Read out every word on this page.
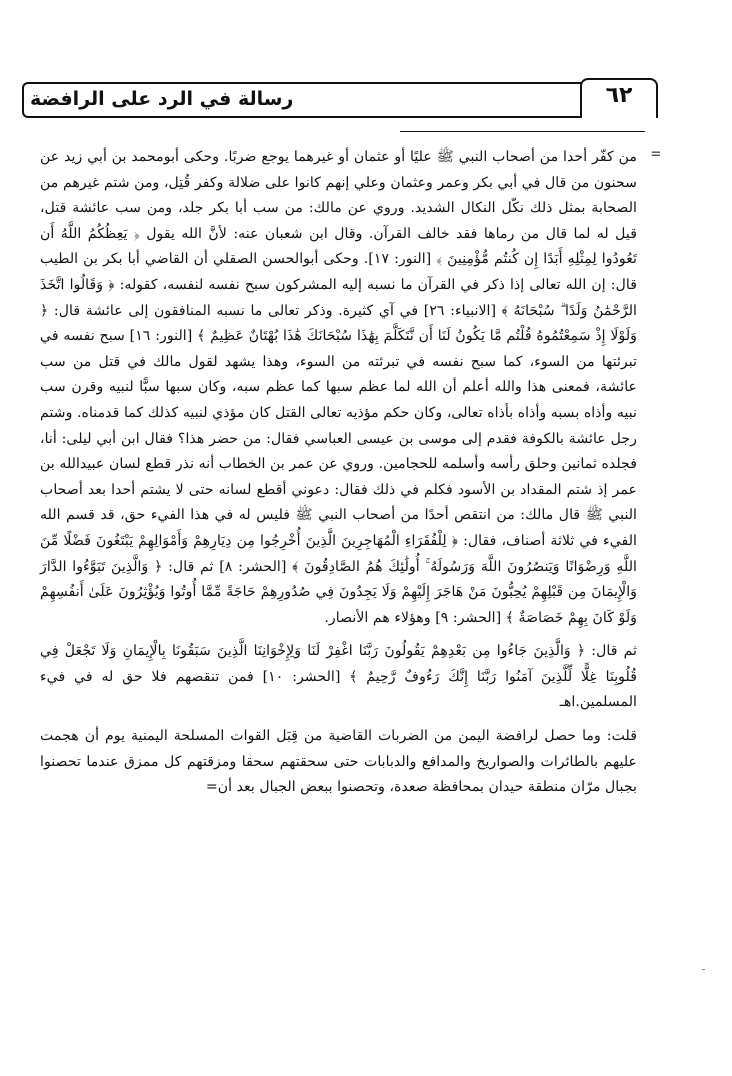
٦٢
رسالة في الرد على الرافضة
=
-

من كفّر أحدا من أصحاب النبي ﷺ عليًا أو عثمان أو غيرهما يوجع ضربًا. وحكى أبومحمد بن أبي زيد عن سحنون من قال في أبي بكر وعمر وعثمان وعلي إنهم كانوا على ضلالة وكفر قُتِل، ومن شتم غيرهم من الصحابة بمثل ذلك نكّل النكال الشديد. وروي عن مالك: من سب أبا بكر جلد، ومن سب عائشة قتل، قيل له لما قال من رماها فقد خالف القرآن. وقال ابن شعبان عنه: لأنَّ الله يقول ﴿ يَعِظُكُمُ اللَّهُ أَن تَعُودُوا لِمِثْلِهِ أَبَدًا إِن كُنتُم مُّؤْمِنِينَ ﴾ [النور: ١٧]. وحكى أبوالحسن الصقلي أن القاضي أبا بكر بن الطيب قال: إن الله تعالى إذا ذكر في القرآن ما نسبه إليه المشركون سبح نفسه لنفسه، كقوله: ﴿ وَقَالُوا اتَّخَذَ الرَّحْمَٰنُ وَلَدًا ۗ سُبْحَانَهُ ﴾ [الانبياء: ٢٦] في آي كثيرة. وذكر تعالى ما نسبه المنافقون إلى عائشة قال: ﴿ وَلَوْلَا إِذْ سَمِعْتُمُوهُ قُلْتُم مَّا يَكُونُ لَنَا أَن نَّتَكَلَّمَ بِهَٰذَا سُبْحَانَكَ هَٰذَا بُهْتَانٌ عَظِيمٌ ﴾ [النور: ١٦] سبح نفسه في تبرئتها من السوء، كما سبح نفسه في تبرئته من السوء، وهذا يشهد لقول مالك في قتل من سب عائشة، فمعنى هذا والله أعلم أن الله لما عظم سبها كما عظم سبه، وكان سبها سبًّا لنبيه وقرن سب نبيه وأذاه بسبه وأذاه بأذاه تعالى، وكان حكم مؤذيه تعالى القتل كان مؤذي لنبيه كذلك كما قدمناه. وشتم رجل عائشة بالكوفة فقدم إلى موسى بن عيسى العباسي فقال: من حضر هذا؟ فقال ابن أبي ليلى: أنا، فجلده ثمانين وحلق رأسه وأسلمه للحجامين. وروي عن عمر بن الخطاب أنه نذر قطع لسان عبيدالله بن عمر إذ شتم المقداد بن الأسود فكلم في ذلك فقال: دعوني أقطع لسانه حتى لا يشتم أحدا بعد أصحاب النبي ﷺ قال مالك: من انتقص أحدًا من أصحاب النبي ﷺ فليس له في هذا الفيء حق، قد قسم الله الفيء في ثلاثة أصناف، فقال: ﴿ لِلْفُقَرَاءِ الْمُهَاجِرِينَ الَّذِينَ أُخْرِجُوا مِن دِيَارِهِمْ وَأَمْوَالِهِمْ يَبْتَغُونَ فَضْلًا مِّنَ اللَّهِ وَرِضْوَانًا وَيَنصُرُونَ اللَّهَ وَرَسُولَهُ ۚ أُولَٰئِكَ هُمُ الصَّادِقُونَ ﴾ [الحشر: ٨] ثم قال: ﴿ وَالَّذِينَ تَبَوَّءُوا الدَّارَ وَالْإِيمَانَ مِن قَبْلِهِمْ يُحِبُّونَ مَنْ هَاجَرَ إِلَيْهِمْ وَلَا يَجِدُونَ فِي صُدُورِهِمْ حَاجَةً مِّمَّا أُوتُوا وَيُؤْثِرُونَ عَلَىٰ أَنفُسِهِمْ وَلَوْ كَانَ بِهِمْ خَصَاصَةٌ ﴾ [الحشر: ٩] وهؤلاء هم الأنصار.

ثم قال: ﴿ وَالَّذِينَ جَاءُوا مِن بَعْدِهِمْ يَقُولُونَ رَبَّنَا اغْفِرْ لَنَا وَلِإِخْوَانِنَا الَّذِينَ سَبَقُونَا بِالْإِيمَانِ وَلَا تَجْعَلْ فِي قُلُوبِنَا غِلًّا لِّلَّذِينَ آمَنُوا رَبَّنَا إِنَّكَ رَءُوفٌ رَّحِيمٌ ﴾ [الحشر: ١٠] فمن تنقصهم فلا حق له في فيء المسلمين.اهـ

قلت: وما حصل لرافضة اليمن من الضربات القاضية من قِبَل القوات المسلحة اليمنية يوم أن هجمت عليهم بالطائرات والصواريخ والمدافع والدبابات حتى سحقتهم سحقا ومزقتهم كل ممزق عندما تحصنوا بجبال مرّان منطقة حيدان بمحافظة صعدة، وتحصنوا ببعض الجبال بعد أن=
